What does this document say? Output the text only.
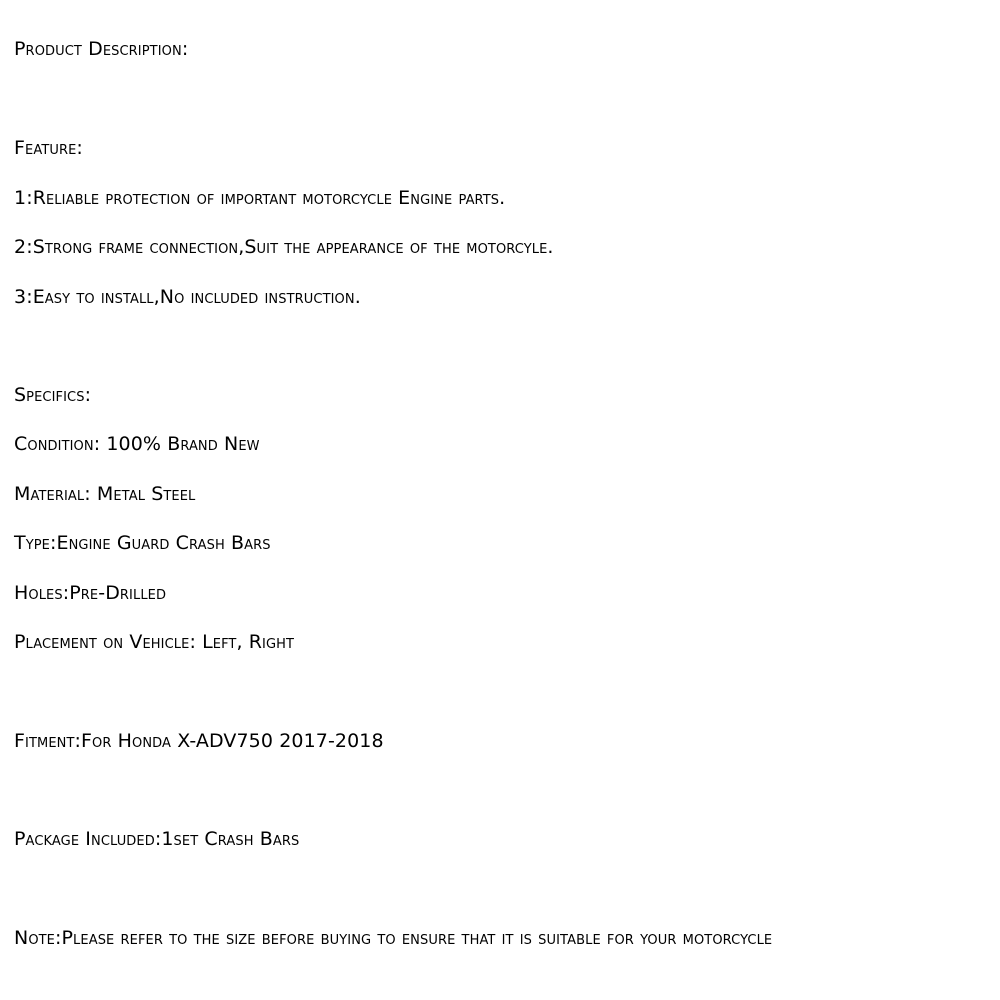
Product Description:

Feature:

1:Reliable protection of important motorcycle Engine parts.

2:Strong frame connection,Suit the appearance of the motorcyle.

3:Easy to install,No included instruction.

Specifics:

Condition: 100% Brand New

Material: Metal Steel

Type:Engine Guard Crash Bars

Holes:Pre-Drilled

Placement on Vehicle: Left, Right

Fitment:For Honda X-ADV750 2017-2018

Package Included:1set Crash Bars

Note:Please refer to the size before buying to ensure that it is suitable for your motorcycle
